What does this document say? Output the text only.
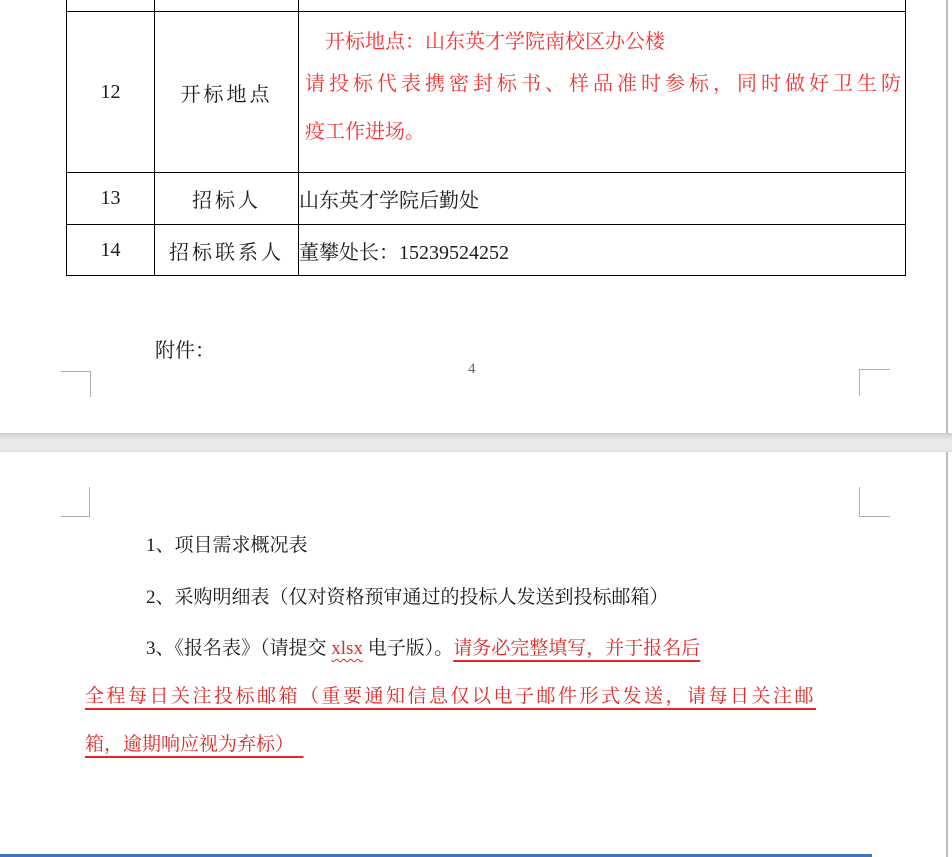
12	开标地点	开标地点：山东英才学院南校区办公楼

请投标代表携密封标书、样品准时参标，同时做好卫生防

疫工作进场。

13	招标人	山东英才学院后勤处
14	招标联系人	董攀处长：15239524252
附件：
4
1、项目需求概况表
2、采购明细表（仅对资格预审通过的投标人发送到投标邮箱）
3、《报名表》（请提交 xlsx 电子版）。请务必完整填写，并于报名后
全程每日关注投标邮箱（重要通知信息仅以电子邮件形式发送，请每日关注邮
箱，逾期响应视为弃标）　
